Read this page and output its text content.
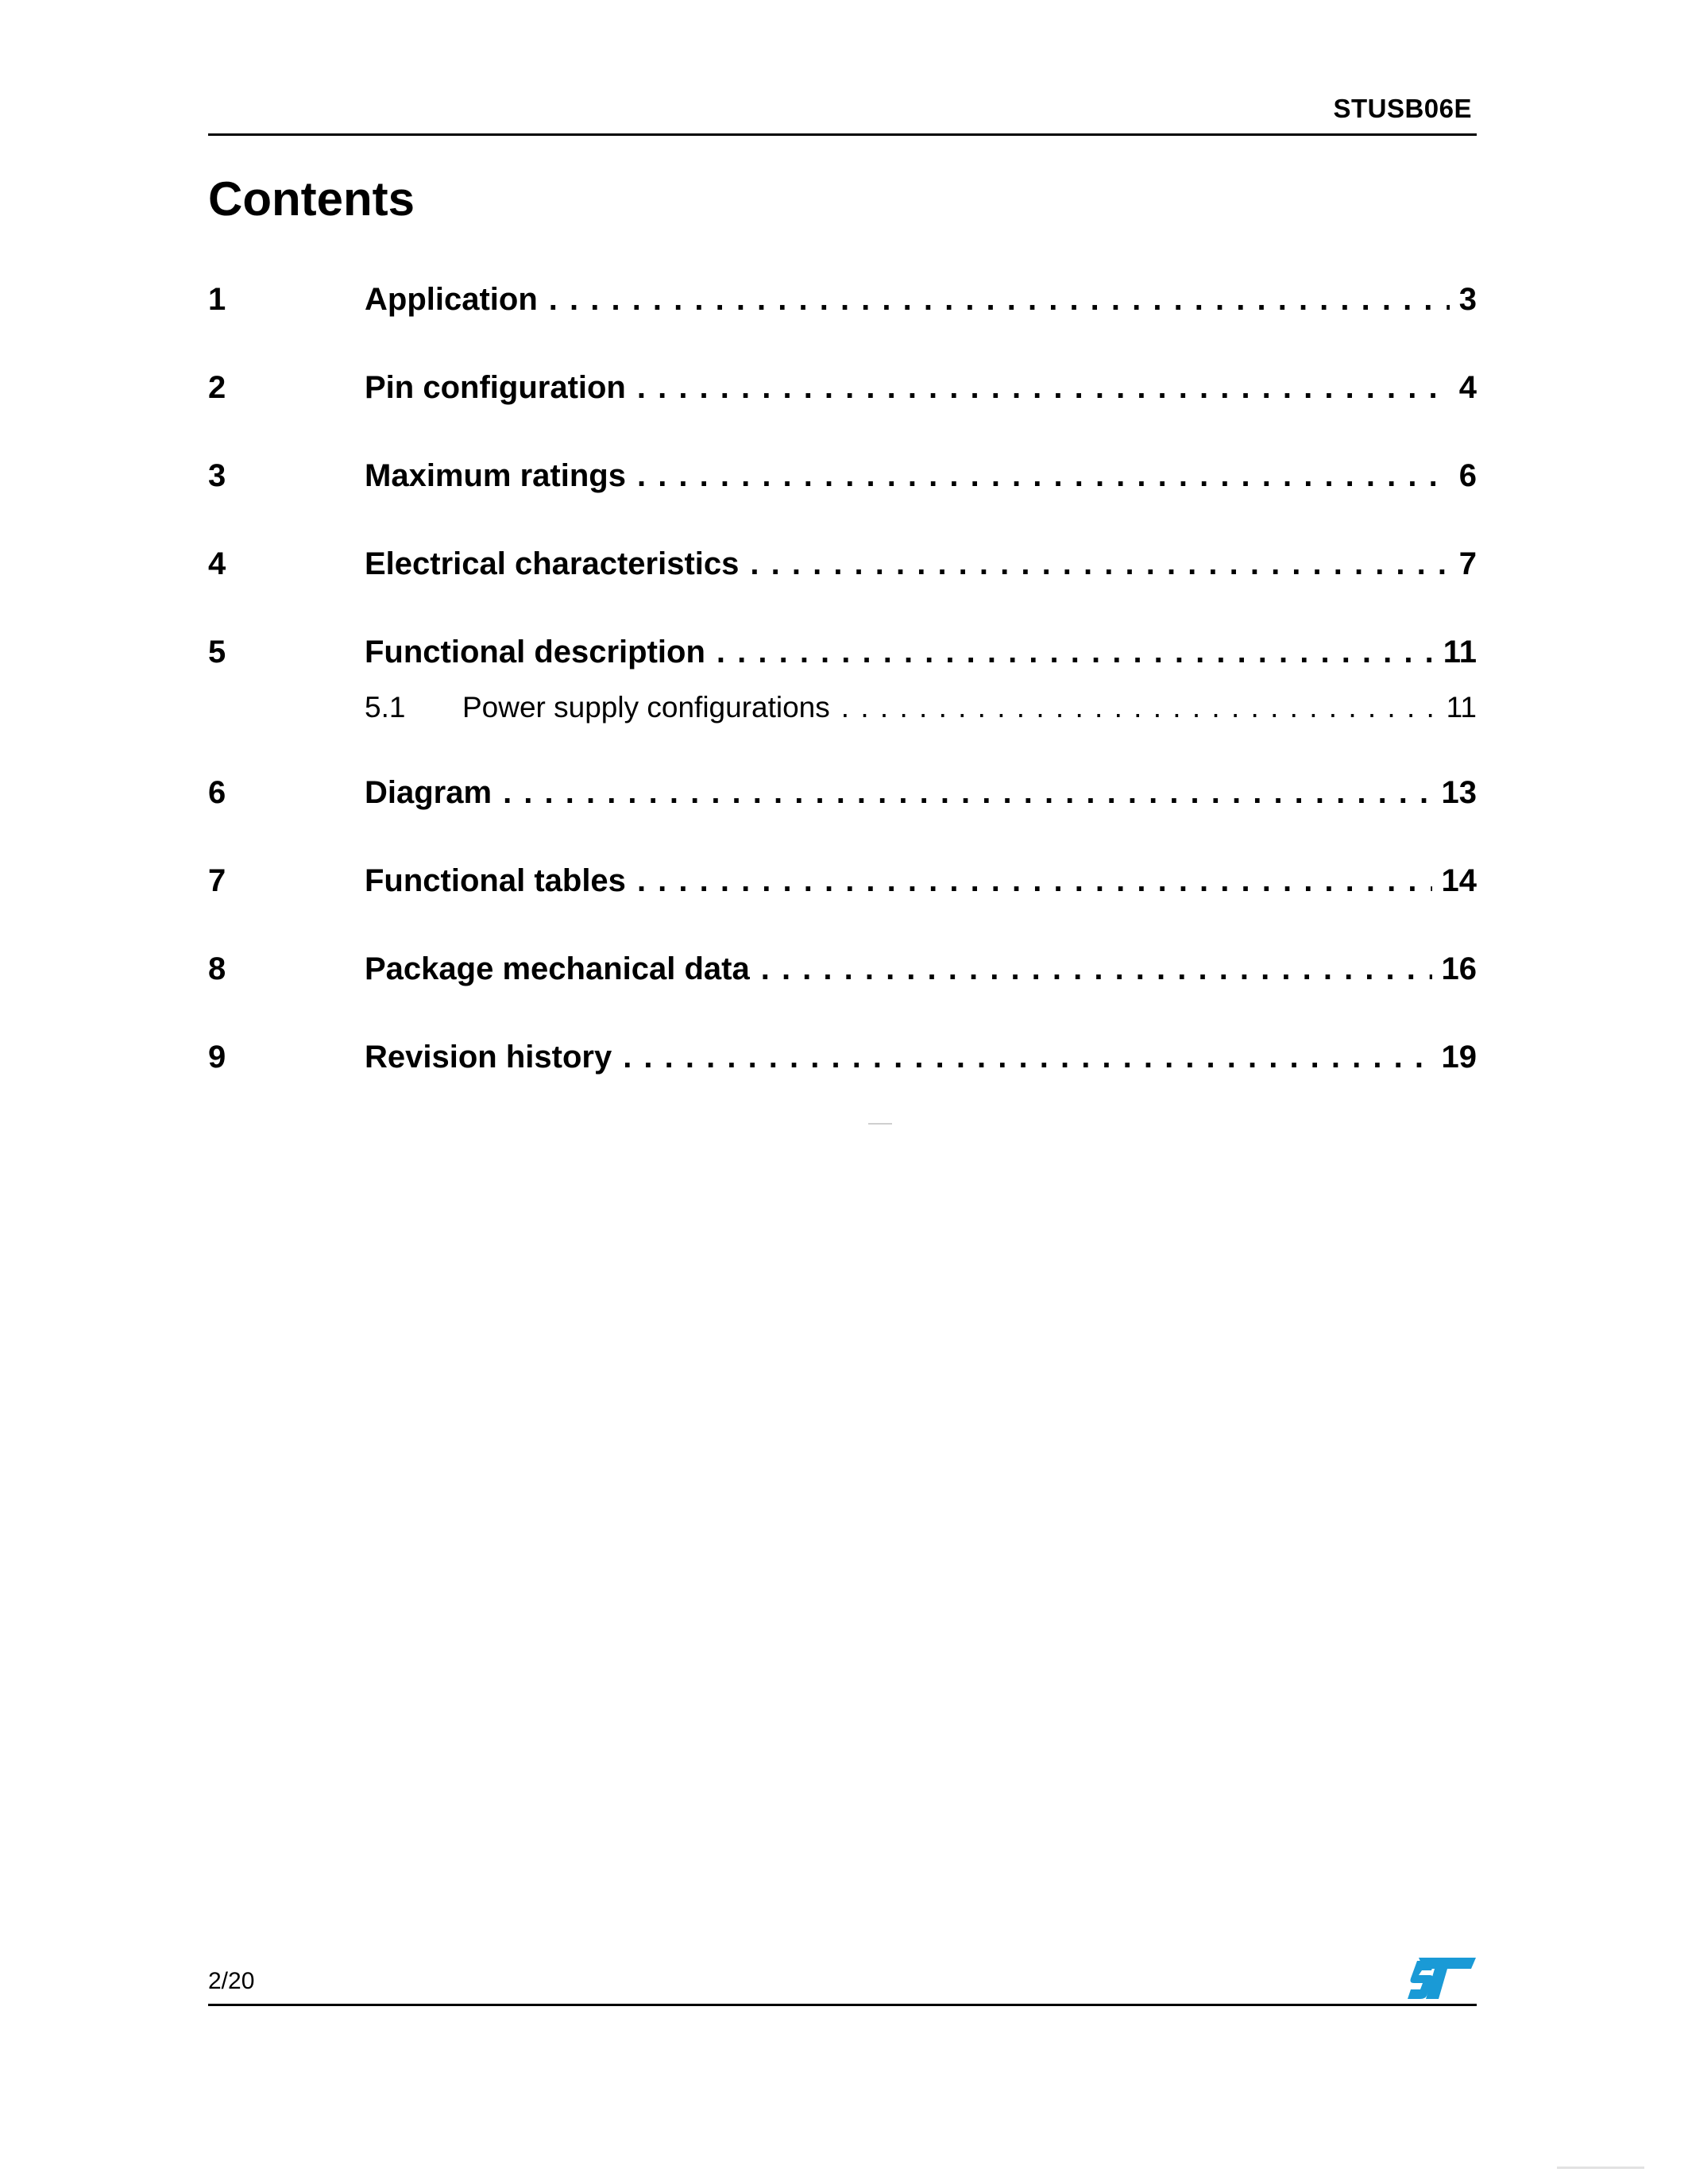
STUSB06E
Contents
1	Application . . .	3
2	Pin configuration . . .	4
3	Maximum ratings . . .	6
4	Electrical characteristics . . .	7
5	Functional description . . .	11
5.1	Power supply configurations . . .	11
6	Diagram . . .	13
7	Functional tables . . .	14
8	Package mechanical data . . .	16
9	Revision history . . .	19
2/20
